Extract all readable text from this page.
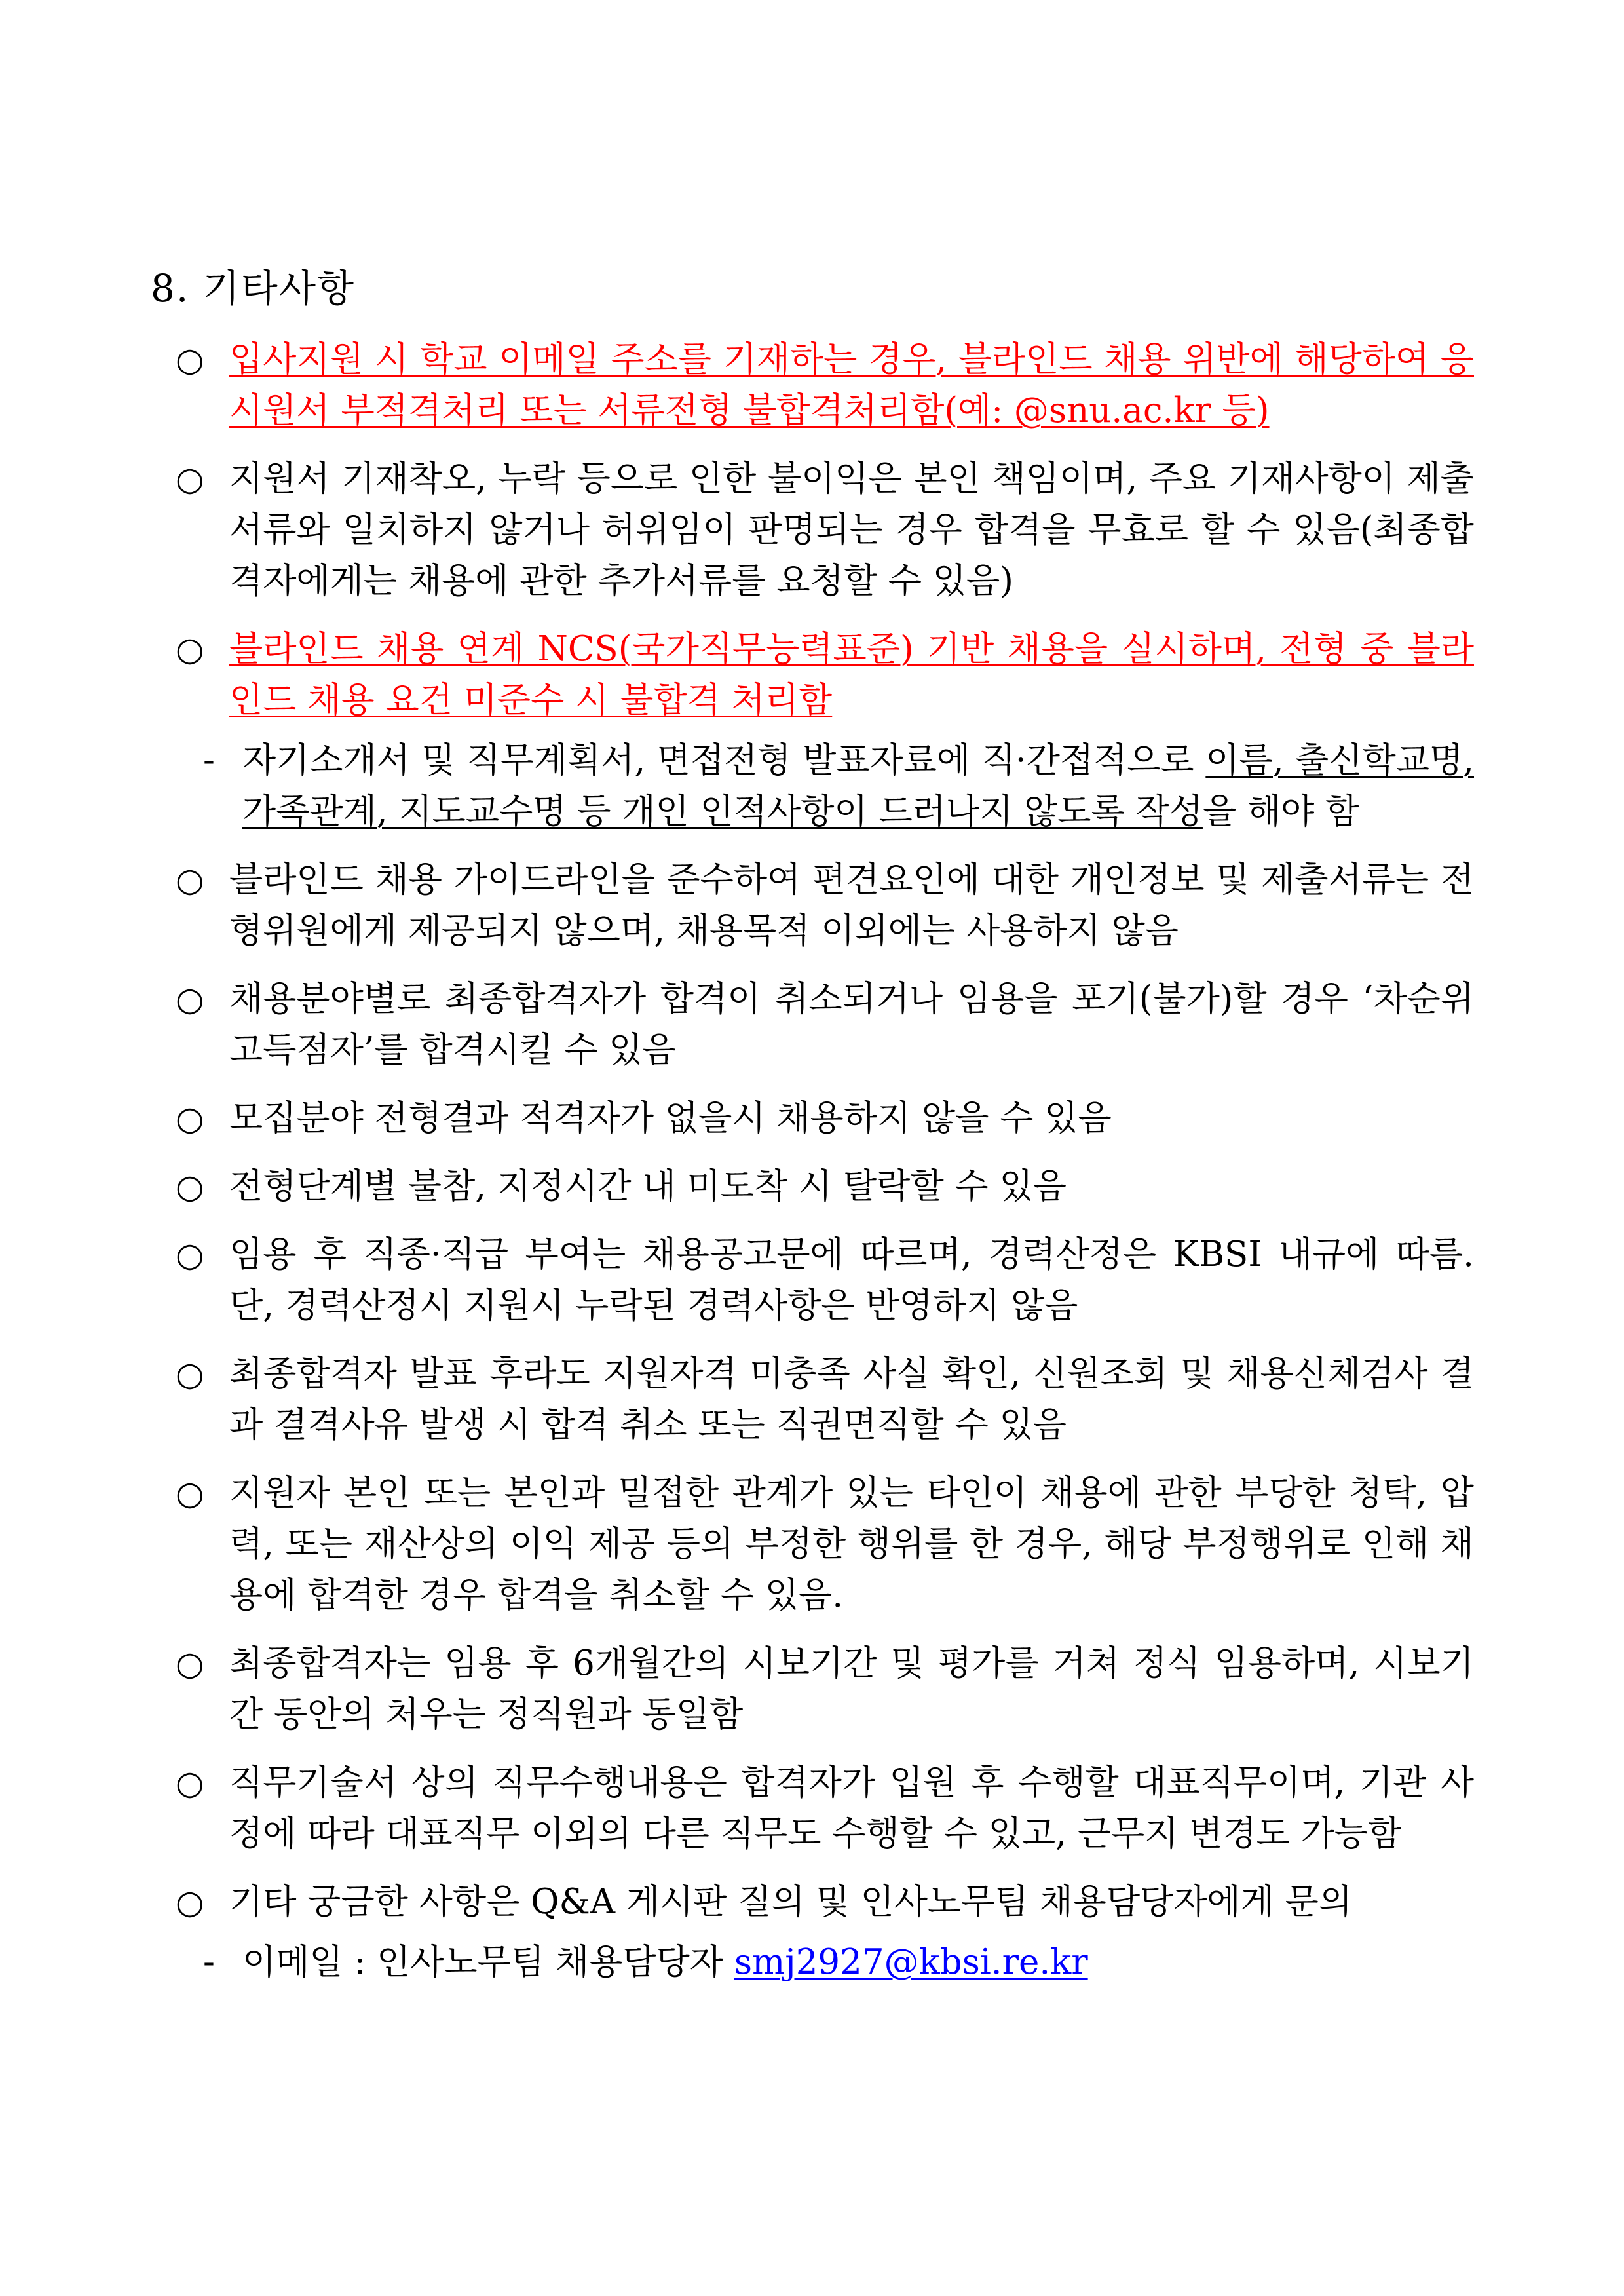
8. 기타사항
○ 입사지원 시 학교 이메일 주소를 기재하는 경우, 블라인드 채용 위반에 해당하여 응시원서 부적격처리 또는 서류전형 불합격처리함(예: @snu.ac.kr 등)
○ 지원서 기재착오, 누락 등으로 인한 불이익은 본인 책임이며, 주요 기재사항이 제출서류와 일치하지 않거나 허위임이 판명되는 경우 합격을 무효로 할 수 있음(최종합격자에게는 채용에 관한 추가서류를 요청할 수 있음)
○ 블라인드 채용 연계 NCS(국가직무능력표준) 기반 채용을 실시하며, 전형 중 블라인드 채용 요건 미준수 시 불합격 처리함
- 자기소개서 및 직무계획서, 면접전형 발표자료에 직·간접적으로 이름, 출신학교명, 가족관계, 지도교수명 등 개인 인적사항이 드러나지 않도록 작성을 해야 함
○ 블라인드 채용 가이드라인을 준수하여 편견요인에 대한 개인정보 및 제출서류는 전형위원에게 제공되지 않으며, 채용목적 이외에는 사용하지 않음
○ 채용분야별로 최종합격자가 합격이 취소되거나 임용을 포기(불가)할 경우 ‘차순위 고득점자’를 합격시킬 수 있음
○ 모집분야 전형결과 적격자가 없을시 채용하지 않을 수 있음
○ 전형단계별 불참, 지정시간 내 미도착 시 탈락할 수 있음
○ 임용 후 직종·직급 부여는 채용공고문에 따르며, 경력산정은 KBSI 내규에 따름. 단, 경력산정시 지원시 누락된 경력사항은 반영하지 않음
○ 최종합격자 발표 후라도 지원자격 미충족 사실 확인, 신원조회 및 채용신체검사 결과 결격사유 발생 시 합격 취소 또는 직권면직할 수 있음
○ 지원자 본인 또는 본인과 밀접한 관계가 있는 타인이 채용에 관한 부당한 청탁, 압력, 또는 재산상의 이익 제공 등의 부정한 행위를 한 경우, 해당 부정행위로 인해 채용에 합격한 경우 합격을 취소할 수 있음.
○ 최종합격자는 임용 후 6개월간의 시보기간 및 평가를 거쳐 정식 임용하며, 시보기간 동안의 처우는 정직원과 동일함
○ 직무기술서 상의 직무수행내용은 합격자가 입원 후 수행할 대표직무이며, 기관 사정에 따라 대표직무 이외의 다른 직무도 수행할 수 있고, 근무지 변경도 가능함
○ 기타 궁금한 사항은 Q&A 게시판 질의 및 인사노무팀 채용담당자에게 문의
- 이메일 : 인사노무팀 채용담당자 smj2927@kbsi.re.kr
